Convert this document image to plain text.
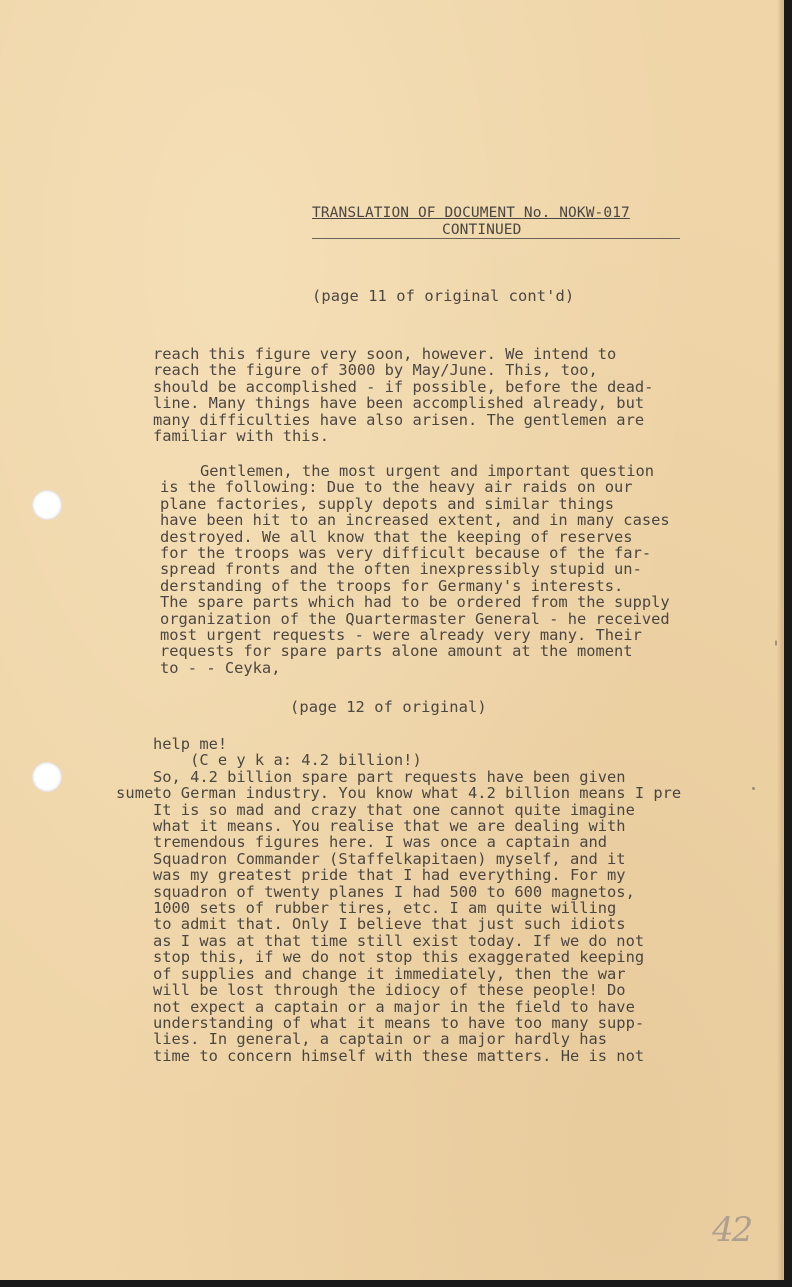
TRANSLATION OF DOCUMENT No. NOKW-017
CONTINUED
(page 11 of original cont'd)
reach this figure very soon, however. We intend to
reach the figure of 3000 by May/June. This, too,
should be accomplished - if possible, before the dead-
line. Many things have been accomplished already, but
many difficulties have also arisen. The gentlemen are
familiar with this.
Gentlemen, the most urgent and important question
is the following: Due to the heavy air raids on our
plane factories, supply depots and similar things
have been hit to an increased extent, and in many cases
destroyed. We all know that the keeping of reserves
for the troops was very difficult because of the far-
spread fronts and the often inexpressibly stupid un-
derstanding of the troops for Germany's interests.
The spare parts which had to be ordered from the supply
organization of the Quartermaster General - he received
most urgent requests - were already very many. Their
requests for spare parts alone amount at the moment
to - - Ceyka,
(page 12 of original)
sume
help me!
(C e y k a: 4.2 billion!)
So, 4.2 billion spare part requests have been given
to German industry. You know what 4.2 billion means I pre
It is so mad and crazy that one cannot quite imagine
what it means. You realise that we are dealing with
tremendous figures here. I was once a captain and
Squadron Commander (Staffelkapitaen) myself, and it
was my greatest pride that I had everything. For my
squadron of twenty planes I had 500 to 600 magnetos,
1000 sets of rubber tires, etc. I am quite willing
to admit that. Only I believe that just such idiots
as I was at that time still exist today. If we do not
stop this, if we do not stop this exaggerated keeping
of supplies and change it immediately, then the war
will be lost through the idiocy of these people! Do
not expect a captain or a major in the field to have
understanding of what it means to have too many supp-
lies. In general, a captain or a major hardly has
time to concern himself with these matters. He is not
42
